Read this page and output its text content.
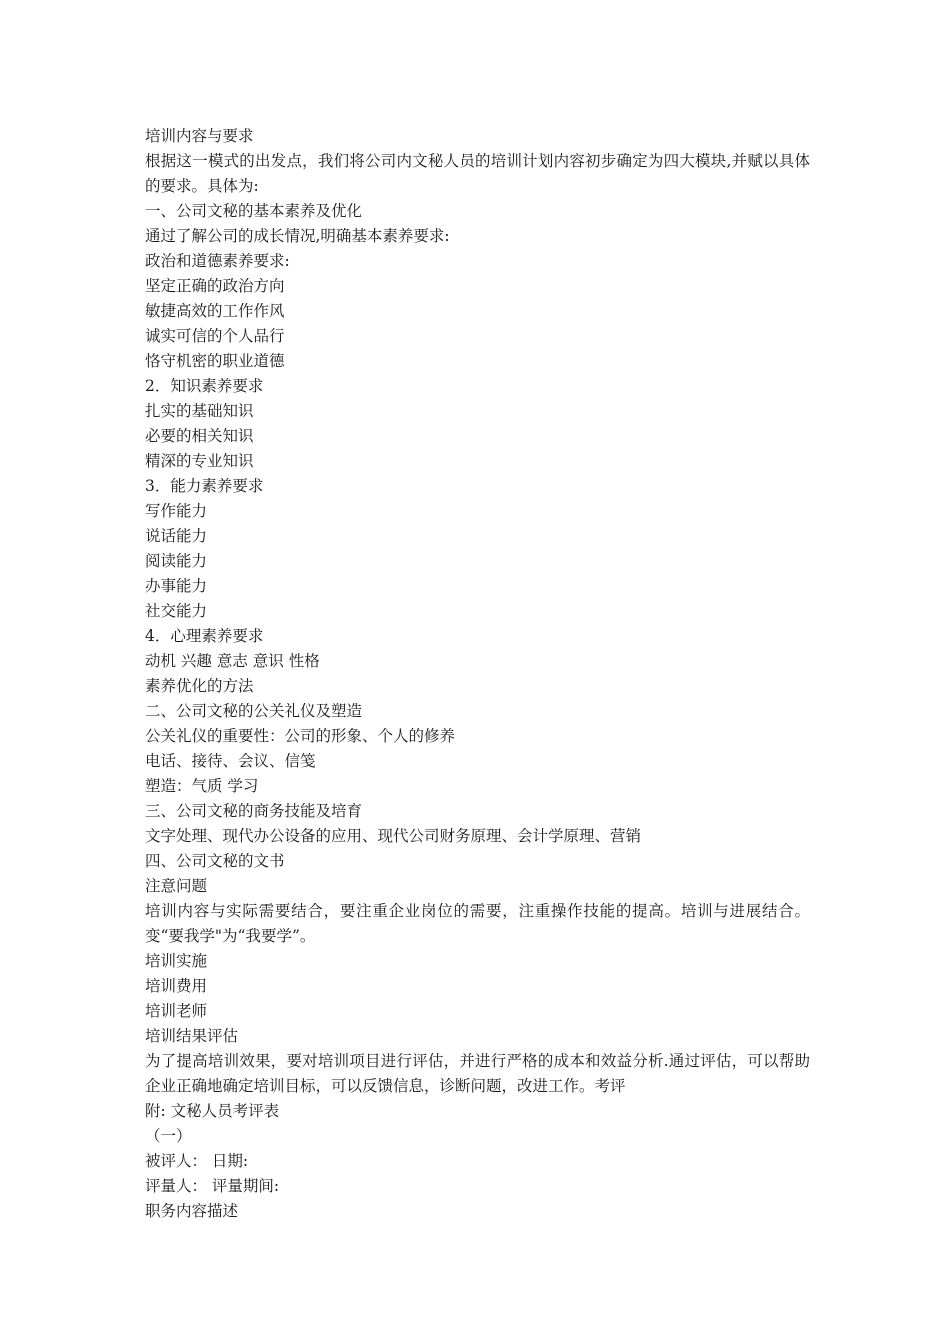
培训内容与要求
根据这一模式的出发点，我们将公司内文秘人员的培训计划内容初步确定为四大模块,并赋以具体的要求。具体为:
一、公司文秘的基本素养及优化
通过了解公司的成长情况,明确基本素养要求:
政治和道德素养要求:
坚定正确的政治方向
敏捷高效的工作作风
诚实可信的个人品行
恪守机密的职业道德
2．知识素养要求
扎实的基础知识
必要的相关知识
精深的专业知识
3．能力素养要求
写作能力
说话能力
阅读能力
办事能力
社交能力
4．心理素养要求
动机 兴趣 意志 意识 性格
素养优化的方法
二、公司文秘的公关礼仪及塑造
公关礼仪的重要性：公司的形象、个人的修养
电话、接待、会议、信笺
塑造：气质 学习
三、公司文秘的商务技能及培育
文字处理、现代办公设备的应用、现代公司财务原理、会计学原理、营销
四、公司文秘的文书
注意问题
培训内容与实际需要结合，要注重企业岗位的需要，注重操作技能的提高。培训与进展结合。变“要我学"为“我要学”。
培训实施
培训费用
培训老师
培训结果评估
为了提高培训效果，要对培训项目进行评估，并进行严格的成本和效益分析.通过评估，可以帮助企业正确地确定培训目标，可以反馈信息，诊断问题，改进工作。考评
附: 文秘人员考评表
（一）
被评人： 日期:
评量人： 评量期间:
职务内容描述
